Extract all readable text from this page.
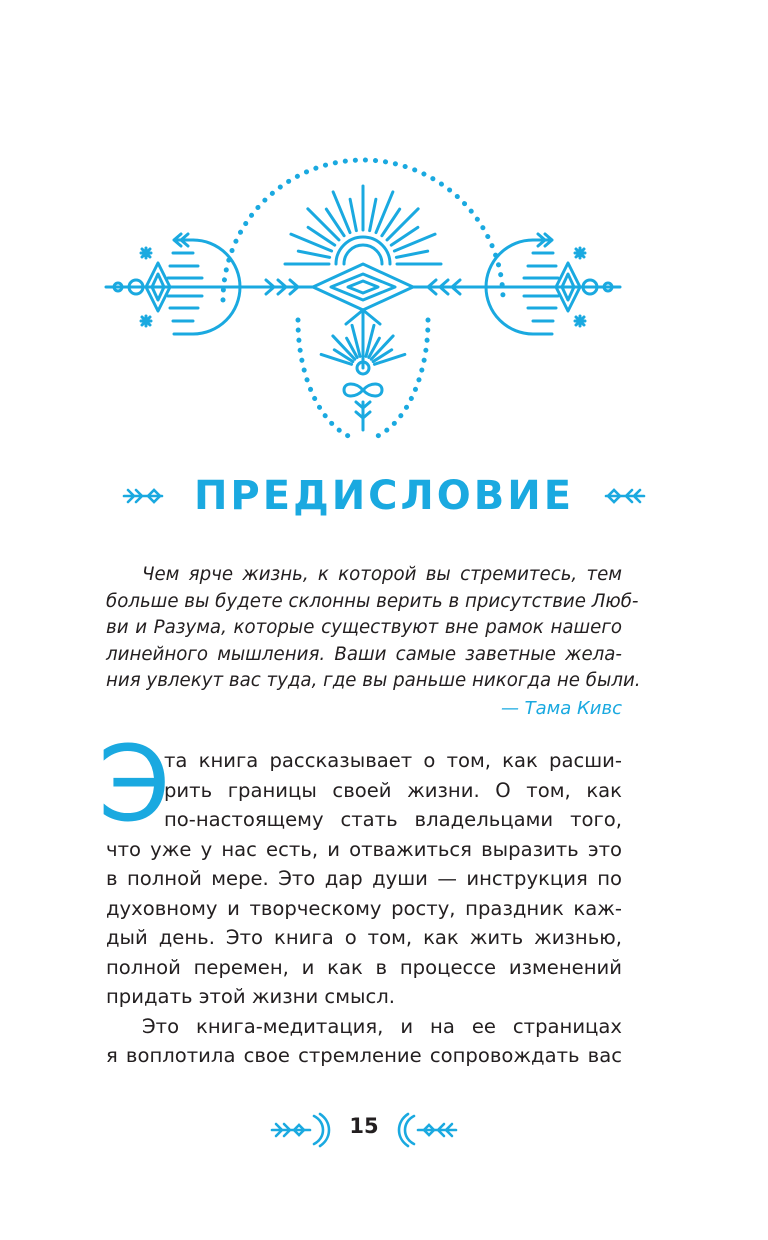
ПРЕДИСЛОВИЕ
Чем ярче жизнь, к которой вы стремитесь, тем
больше вы будете склонны верить в присутствие Люб-
ви и Разума, которые существуют вне рамок нашего
линейного мышления. Ваши самые заветные жела-
ния увлекут вас туда, где вы раньше никогда не были.
— Тама Кивс
Э
та книга рассказывает о том, как расши-
рить границы своей жизни. О том, как
по-настоящему стать владельцами того,
что уже у нас есть, и отважиться выразить это
в полной мере. Это дар души — инструкция по
духовному и творческому росту, праздник каж-
дый день. Это книга о том, как жить жизнью,
полной перемен, и как в процессе изменений
придать этой жизни смысл.
Это книга-медитация, и на ее страницах
я воплотила свое стремление сопровождать вас
15
